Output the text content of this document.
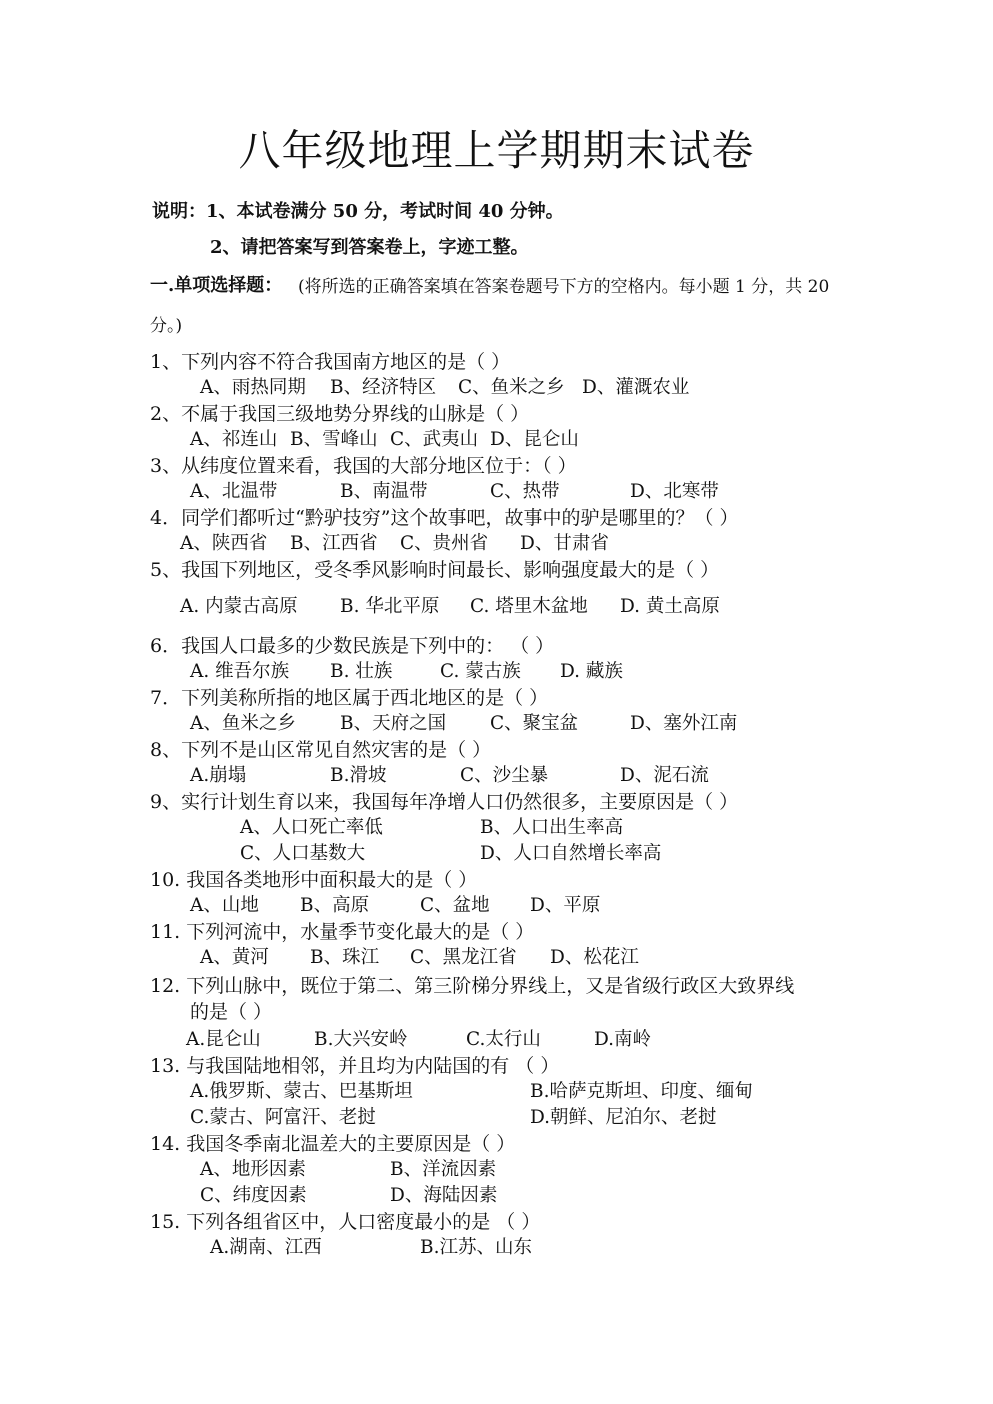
八年级地理上学期期末试卷
说明： 1、本试卷满分 50 分，考试时间 40 分钟。
2、请把答案写到答案卷上，字迹工整。
一.单项选择题： (将所选的正确答案填在答案卷题号下方的空格内。每小题 1 分，共 20
分。)
1、下列内容不符合我国南方地区的是（ ）
A、雨热同期 B、经济特区 C、鱼米之乡 D、灌溉农业
2、不属于我国三级地势分界线的山脉是（ ）
A、祁连山 B、雪峰山 C、武夷山 D、昆仑山
3、从纬度位置来看，我国的大部分地区位于：（ ）
A、北温带	B、南温带	C、热带	D、北寒带
4．同学们都听过“黔驴技穷”这个故事吧，故事中的驴是哪里的？（ ）
A、陕西省 B、江西省 C、贵州省 D、甘肃省
5、我国下列地区，受冬季风影响时间最长、影响强度最大的是（ ）
A. 内蒙古高原 B. 华北平原 C. 塔里木盆地 D. 黄土高原
6．我国人口最多的少数民族是下列中的： （ ）
A. 维吾尔族 B. 壮族	C. 蒙古族 D. 藏族
7．下列美称所指的地区属于西北地区的是（ ）
A、鱼米之乡 B、天府之国 C、聚宝盆	D、塞外江南
8、下列不是山区常见自然灾害的是（ ）
A.崩塌	B.滑坡	C、沙尘暴	D、泥石流
9、实行计划生育以来，我国每年净增人口仍然很多，主要原因是（ ）
A、人口死亡率低	B、人口出生率高
C、人口基数大	D、人口自然增长率高
10. 我国各类地形中面积最大的是（ ）
A、山地 B、高原	C、盆地 D、平原
11. 下列河流中，水量季节变化最大的是（ ）
A、黄河 B、珠江 C、黑龙江省 D、松花江
12. 下列山脉中，既位于第二、第三阶梯分界线上，又是省级行政区大致界线
的是（ ）
A.昆仑山	B.大兴安岭	C.太行山	D.南岭
13. 与我国陆地相邻，并且均为内陆国的有 （ ）
A.俄罗斯、蒙古、巴基斯坦	B.哈萨克斯坦、印度、缅甸
C.蒙古、阿富汗、老挝	D.朝鲜、尼泊尔、老挝
14. 我国冬季南北温差大的主要原因是（ ）
A、地形因素	B、洋流因素
C、纬度因素	D、海陆因素
15. 下列各组省区中，人口密度最小的是 （ ）
A.湖南、江西	B.江苏、山东
